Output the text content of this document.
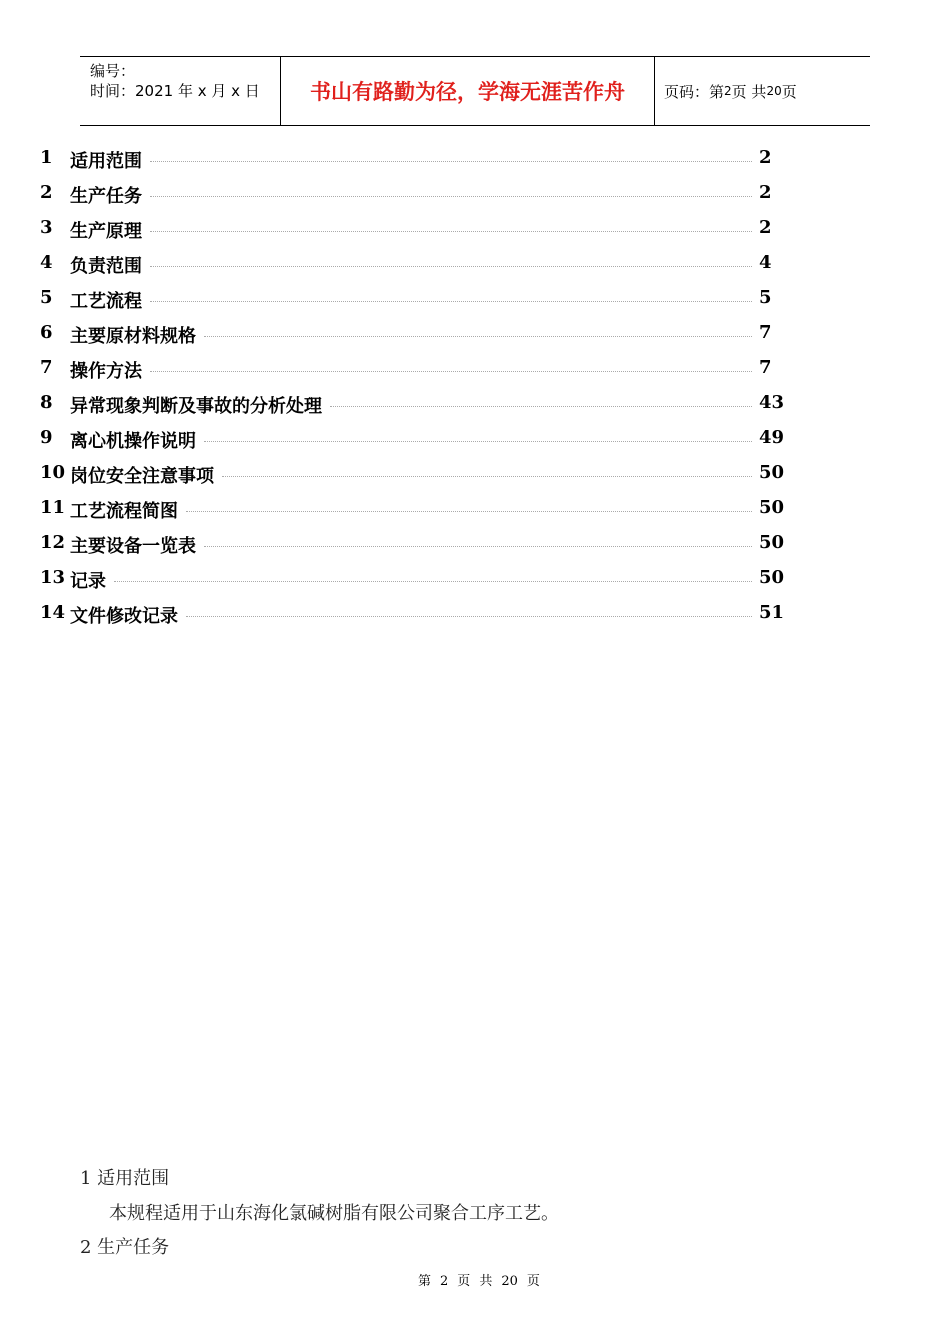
编号：
时间：2021 年 x 月 x 日	书山有路勤为径，学海无涯苦作舟	页码：第 2 页 共 20 页
1 适用范围	2
2 生产任务	2
3 生产原理	2
4 负责范围	4
5 工艺流程	5
6 主要原材料规格	7
7 操作方法	7
8 异常现象判断及事故的分析处理	43
9 离心机操作说明	49
10 岗位安全注意事项	50
11 工艺流程简图	50
12 主要设备一览表	50
13 记录	50
14 文件修改记录	51
1 适用范围
本规程适用于山东海化氯碱树脂有限公司聚合工序工艺。
2 生产任务
第 2 页 共 20 页
